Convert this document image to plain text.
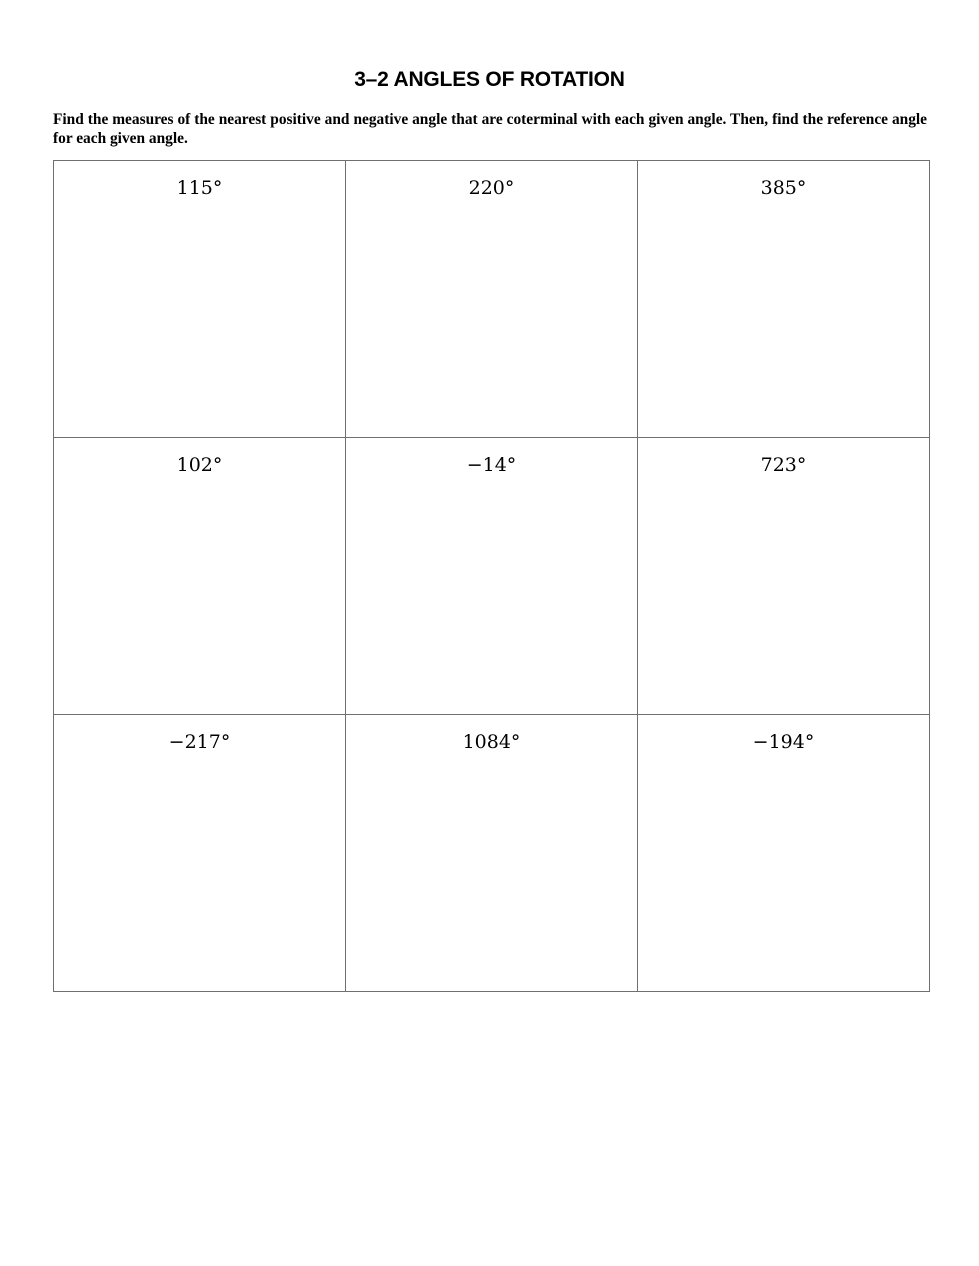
3–2 ANGLES OF ROTATION
Find the measures of the nearest positive and negative angle that are coterminal with each given angle. Then, find the reference angle for each given angle.
115°	220°	385°

102°	−14°	723°

−217°	1084°	−194°
